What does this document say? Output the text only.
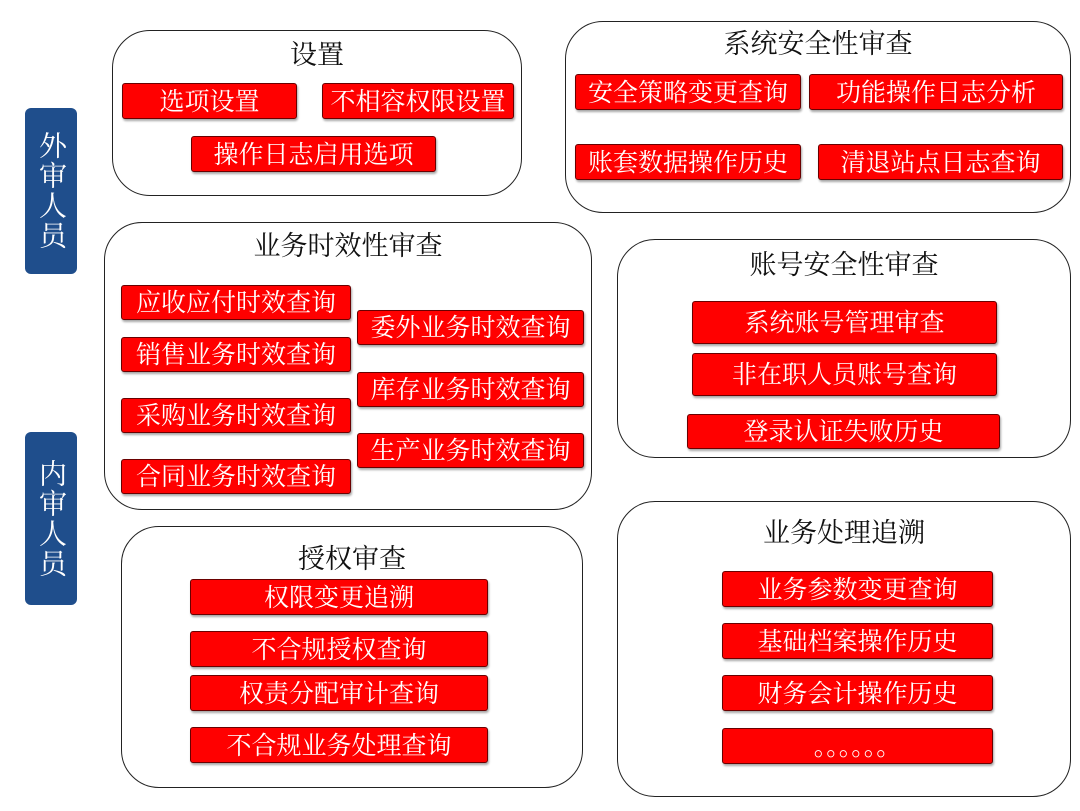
外审人员
内审人员
设置
选项设置	不相容权限设置
操作日志启用选项
系统安全性审查
安全策略变更查询	功能操作日志分析
账套数据操作历史	清退站点日志查询
业务时效性审查
应收应付时效查询
销售业务时效查询
采购业务时效查询
合同业务时效查询
委外业务时效查询
库存业务时效查询
生产业务时效查询
账号安全性审查
系统账号管理审查
非在职人员账号查询
登录认证失败历史
授权审查
权限变更追溯
不合规授权查询
权责分配审计查询
不合规业务处理查询
业务处理追溯
业务参数变更查询
基础档案操作历史
财务会计操作历史
。。。。。。
